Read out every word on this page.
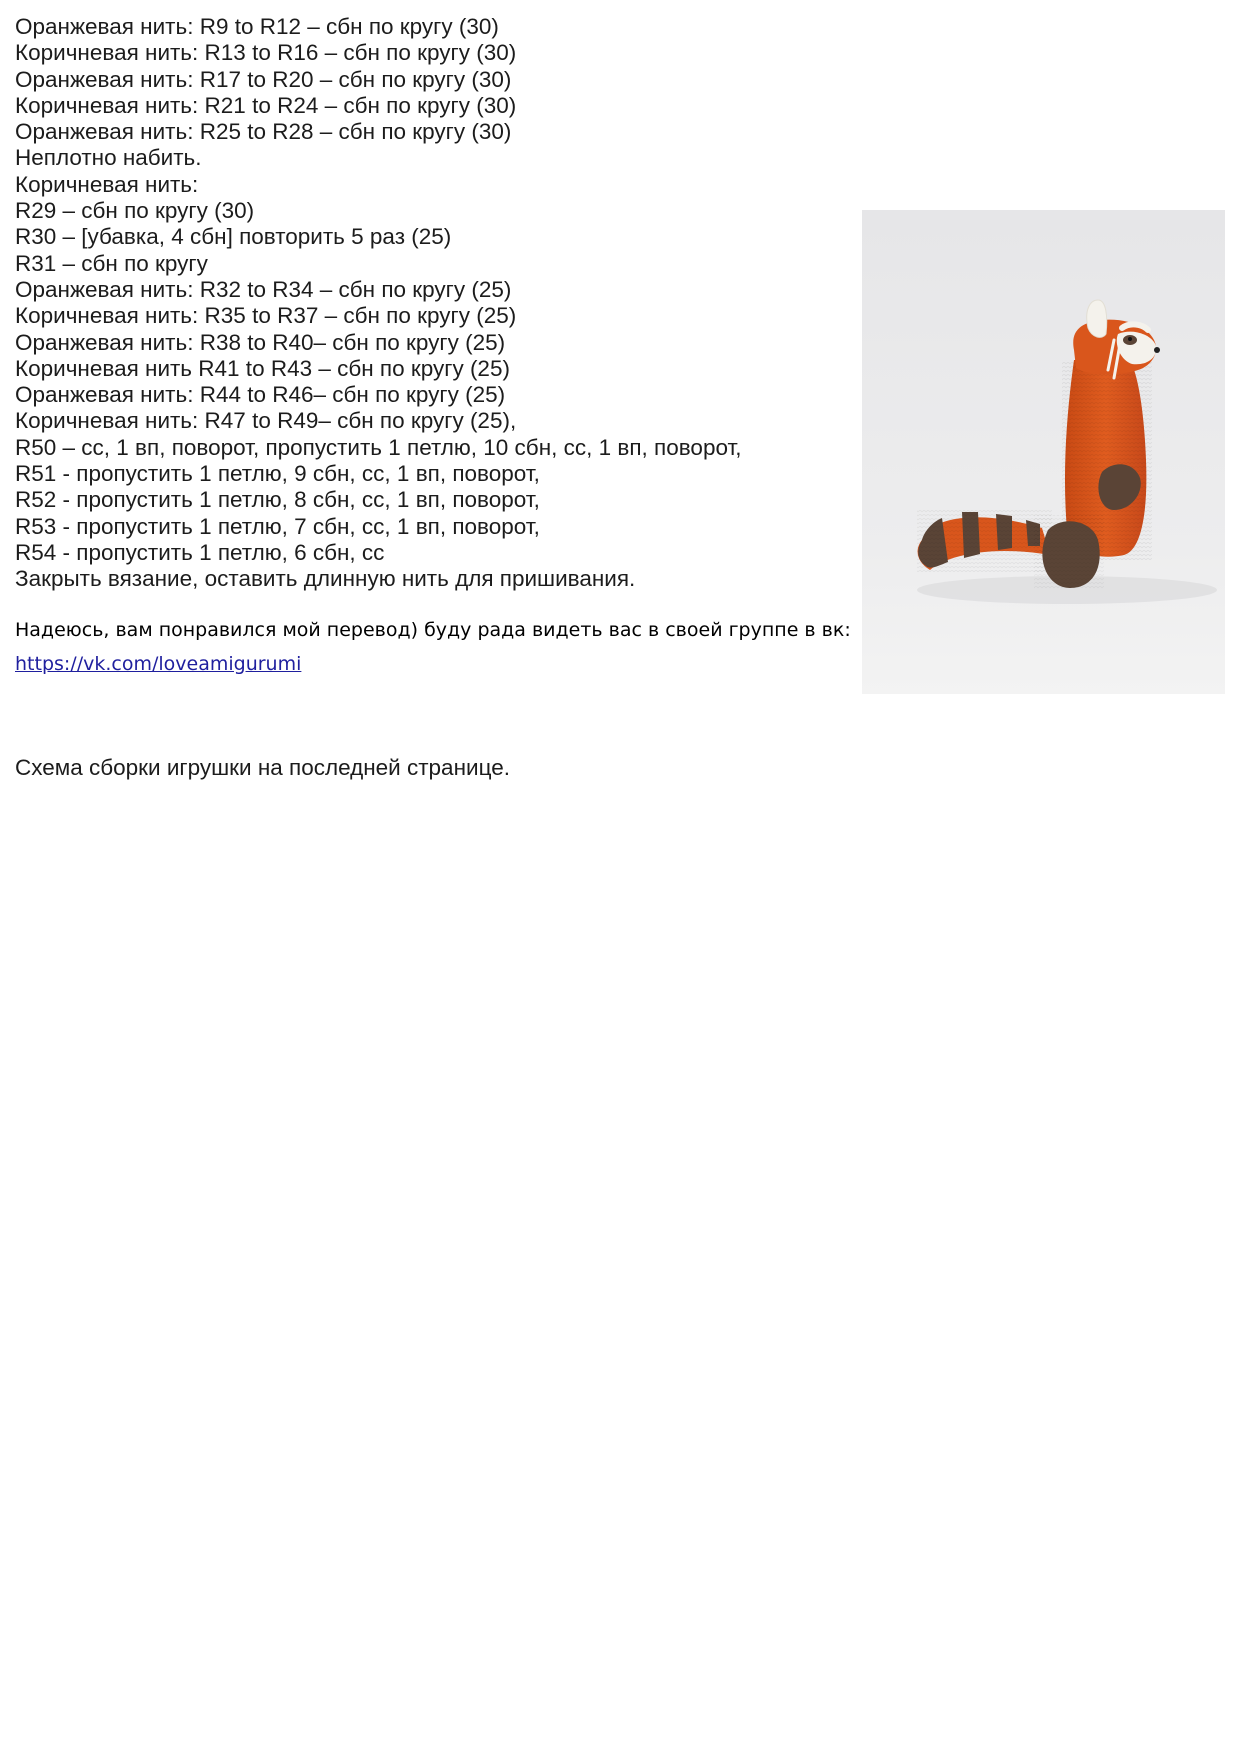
Оранжевая нить: R9 to R12 – сбн по кругу (30)
Коричневая нить: R13 to R16 – сбн по кругу (30)
Оранжевая нить: R17 to R20 – сбн по кругу (30)
Коричневая нить: R21 to R24 – сбн по кругу (30)
Оранжевая нить: R25 to R28 – сбн по кругу (30)
Неплотно набить.
Коричневая нить:
R29 – сбн по кругу (30)
R30 – [убавка, 4 сбн] повторить 5 раз (25)
R31 – сбн по кругу
Оранжевая нить: R32 to R34 – сбн по кругу (25)
Коричневая нить: R35 to R37 – сбн по кругу (25)
Оранжевая нить: R38 to R40– сбн по кругу (25)
Коричневая нить R41 to R43 – сбн по кругу (25)
Оранжевая нить: R44 to R46– сбн по кругу (25)
Коричневая нить: R47 to R49– сбн по кругу (25),
R50 – сс, 1 вп, поворот, пропустить 1 петлю, 10 сбн, сс, 1 вп, поворот,
R51 - пропустить 1 петлю, 9 сбн, сс, 1 вп, поворот,
R52 - пропустить 1 петлю, 8 сбн, сс, 1 вп, поворот,
R53 - пропустить 1 петлю, 7 сбн, сс, 1 вп, поворот,
R54 - пропустить 1 петлю, 6 сбн, сс
Закрыть вязание, оставить длинную нить для пришивания.
Надеюсь, вам понравился мой перевод) буду рада видеть вас в своей группе в вк:
https://vk.com/loveamigurumi
Схема сборки игрушки на последней странице.
